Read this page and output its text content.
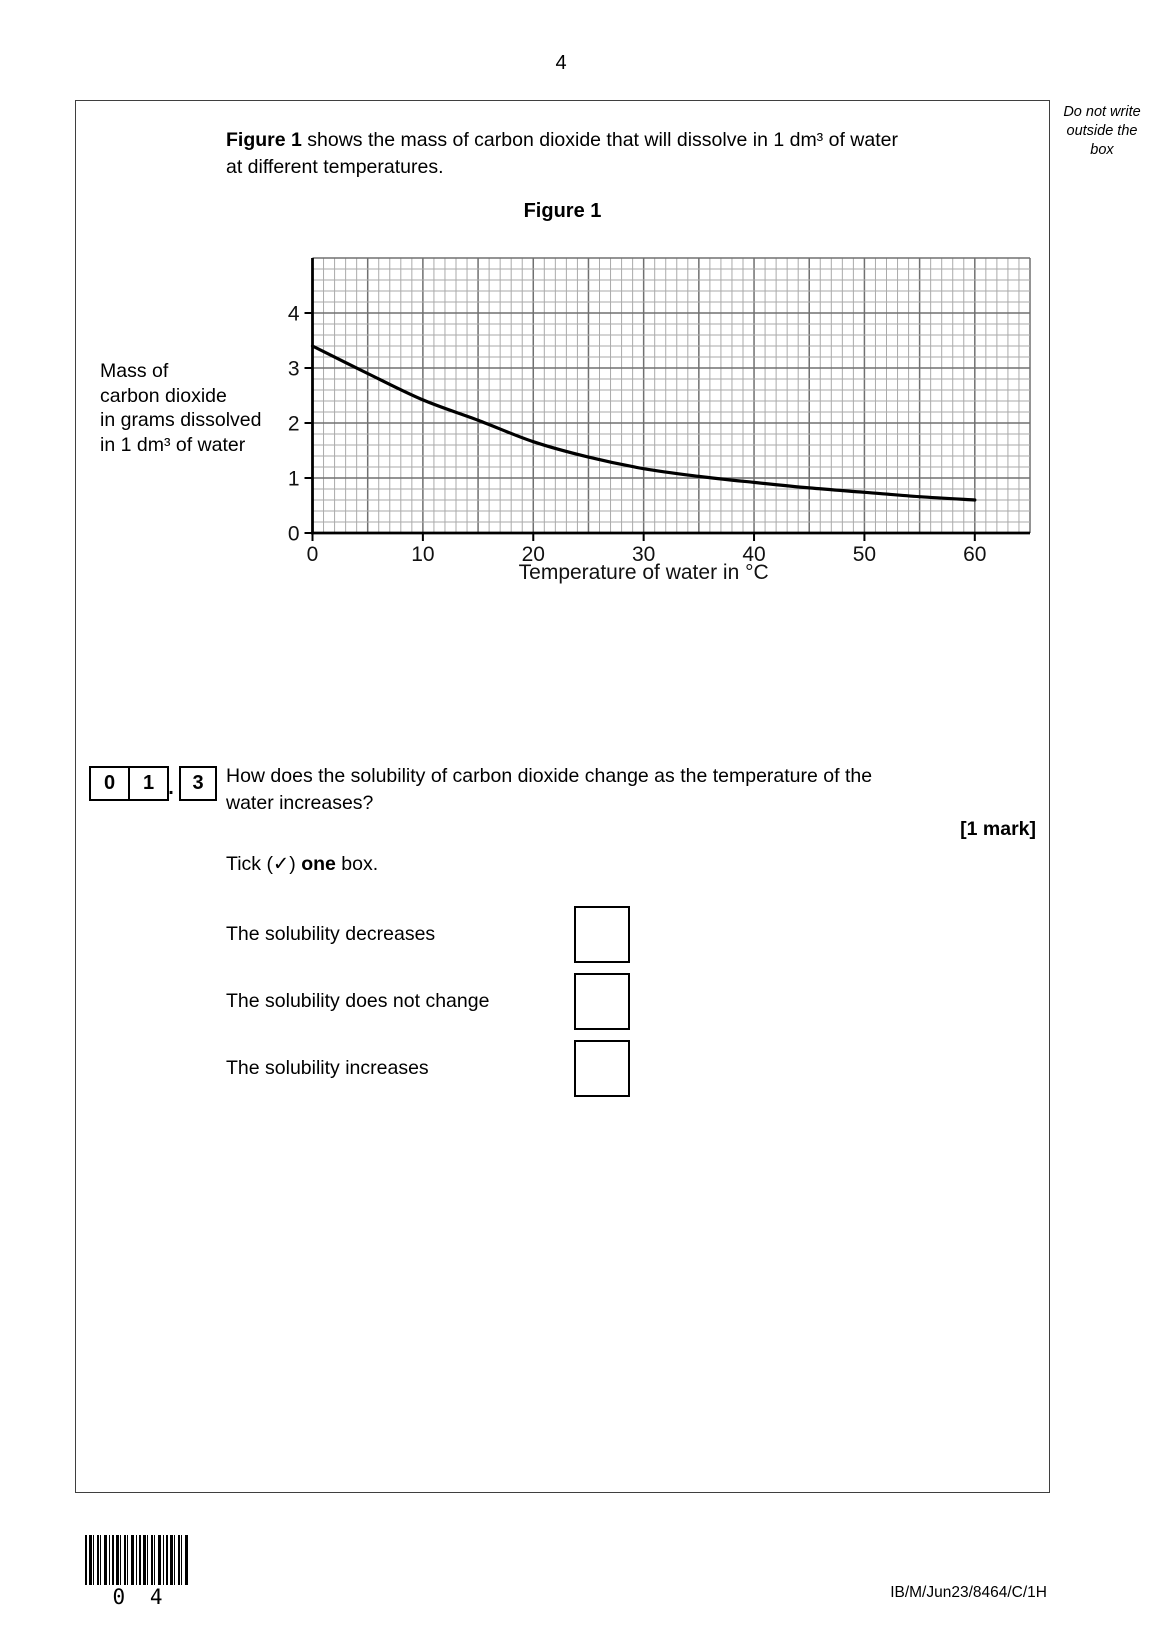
4
Do not write
outside the
box
Figure 1 shows the mass of carbon dioxide that will dissolve in 1 dm³ of water
at different temperatures.
Figure 1
Mass of
carbon dioxide
in grams dissolved
in 1 dm³ of water
0	10	20	30	40	50	60
0
1
2
3
4
Temperature of water in °C
0	1 . 3	How does the solubility of carbon dioxide change as the temperature of the
water increases?
[1 mark]
Tick (✓) one box.
The solubility decreases
The solubility does not change
The solubility increases
0 4	IB/M/Jun23/8464/C/1H
